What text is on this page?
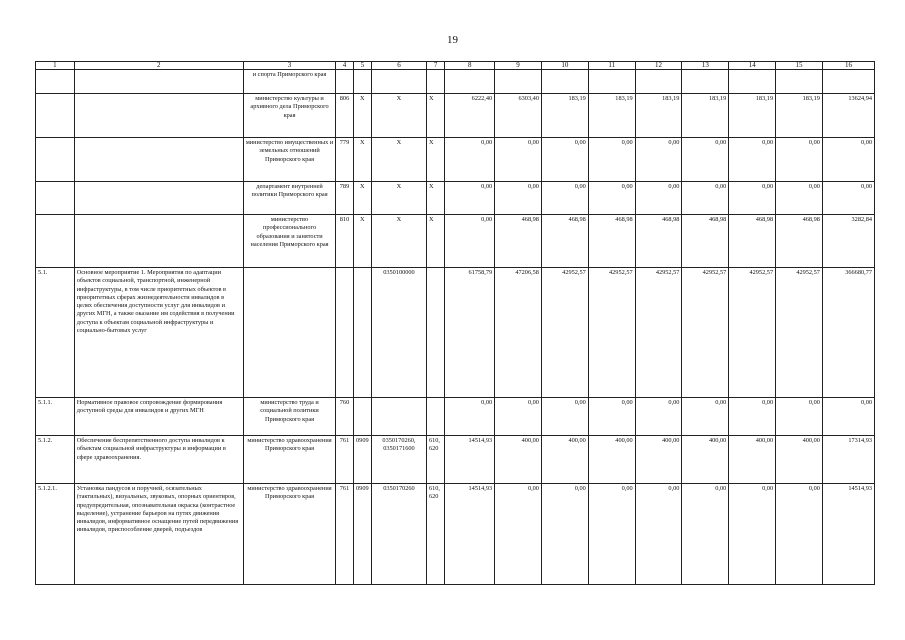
19
1	2	3	4	5	6	7	8	9	10	11	12	13	14	15	16
		и спорта Приморского края													
		министерство культуры и архивного дела Приморского края	806	Х	Х	Х	6222,40	6303,40	183,19	183,19	183,19	183,19	183,19	183,19	13624,94
		министерство имущественных и земельных отношений Приморского края	779	Х	Х	Х	0,00	0,00	0,00	0,00	0,00	0,00	0,00	0,00	0,00
		департамент внутренней политики Приморского края	789	Х	Х	Х	0,00	0,00	0,00	0,00	0,00	0,00	0,00	0,00	0,00
		министерство профессионального образования и занятости населения Приморского края	810	Х	Х	Х	0,00	468,98	468,98	468,98	468,98	468,98	468,98	468,98	3282,84
5.1.	Основное мероприятие 1. Мероприятия по адаптации объектов социальной, транспортной, инженерной инфраструктуры, в том числе приоритетных объектов в приоритетных сферах жизнедеятельности инвалидов в целях обеспечения доступности услуг для инвалидов и других МГН, а также оказание им содействия в получении доступа к объектам социальной инфраструктуры и социально-бытовых услуг				0350100000		61758,79	47206,58	42952,57	42952,57	42952,57	42952,57	42952,57	42952,57	366680,77
5.1.1.	Нормативное правовое сопровождение формирования доступной среды для инвалидов и других МГН	министерство труда и социальной политики Приморского края	760				0,00	0,00	0,00	0,00	0,00	0,00	0,00	0,00	0,00
5.1.2.	Обеспечение беспрепятственного доступа инвалидов к объектам социальной инфраструктуры и информации в сфере здравоохранения.	министерство здравоохранения Приморского края	761	0909	0350170260, 0350171600	610, 620	14514,93	400,00	400,00	400,00	400,00	400,00	400,00	400,00	17314,93
5.1.2.1.	Установка пандусов и поручней, осязательных (тактильных), визуальных, звуковых, опорных ориентиров, предупредительная, опознавательная окраска (контрастное выделение), устранение барьеров на путях движения инвалидов, информативное оснащение путей передвижения инвалидов, приспособление дверей, подъездов	министерство здравоохранения Приморского края	761	0909	0350170260	610, 620	14514,93	0,00	0,00	0,00	0,00	0,00	0,00	0,00	14514,93
